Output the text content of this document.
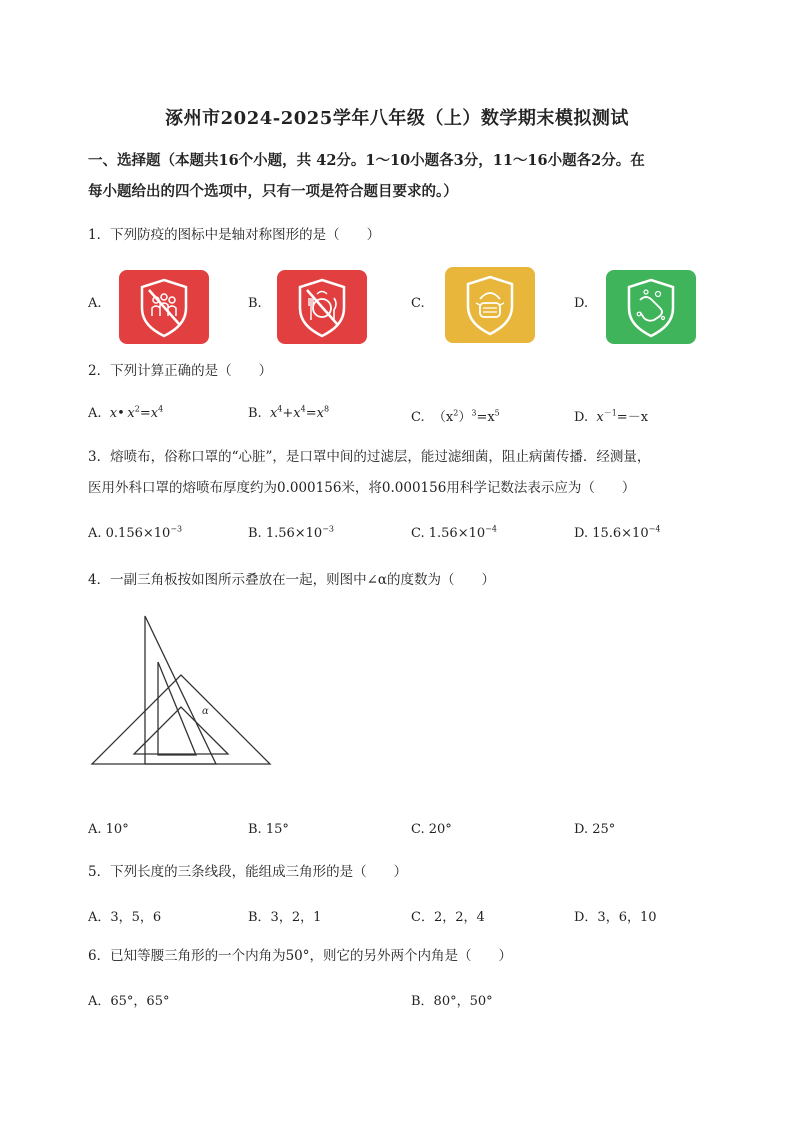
涿州市2024-2025学年八年级（上）数学期末模拟测试
一、选择题（本题共16个小题，共 42分。1～10小题各3分，11～16小题各2分。在
每小题给出的四个选项中，只有一项是符合题目要求的。）
1．下列防疫的图标中是轴对称图形的是（　　）
A.	B.	C.	D.
2．下列计算正确的是（　　）
A. x• $x^2=x^4$	B. $x^4+x^4=x^8$
C. $(x^2)^3=x^5$	D. $x^{-1}=-x$
3．熔喷布，俗称口罩的“心脏”，是口罩中间的过滤层，能过滤细菌，阻止病菌传播．经测量，
医用外科口罩的熔喷布厚度约为0.000156米，将0.000156用科学记数法表示应为（　　）
A. $0.156\times 10^{-3}$	B. $1.56\times 10^{-3}$	C. $1.56\times 10^{-4}$	D. $15.6\times 10^{-4}$
4．一副三角板按如图所示叠放在一起，则图中∠α的度数为（　　）
α
A. 10°	B. 15°	C. 20°	D. 25°
5．下列长度的三条线段，能组成三角形的是（　　）
A．3，5，6	B．3，2，1	C．2，2，4	D．3，6，10
6．已知等腰三角形的一个内角为50°，则它的另外两个内角是（　　）
A．65°，65°	B．80°，50°
